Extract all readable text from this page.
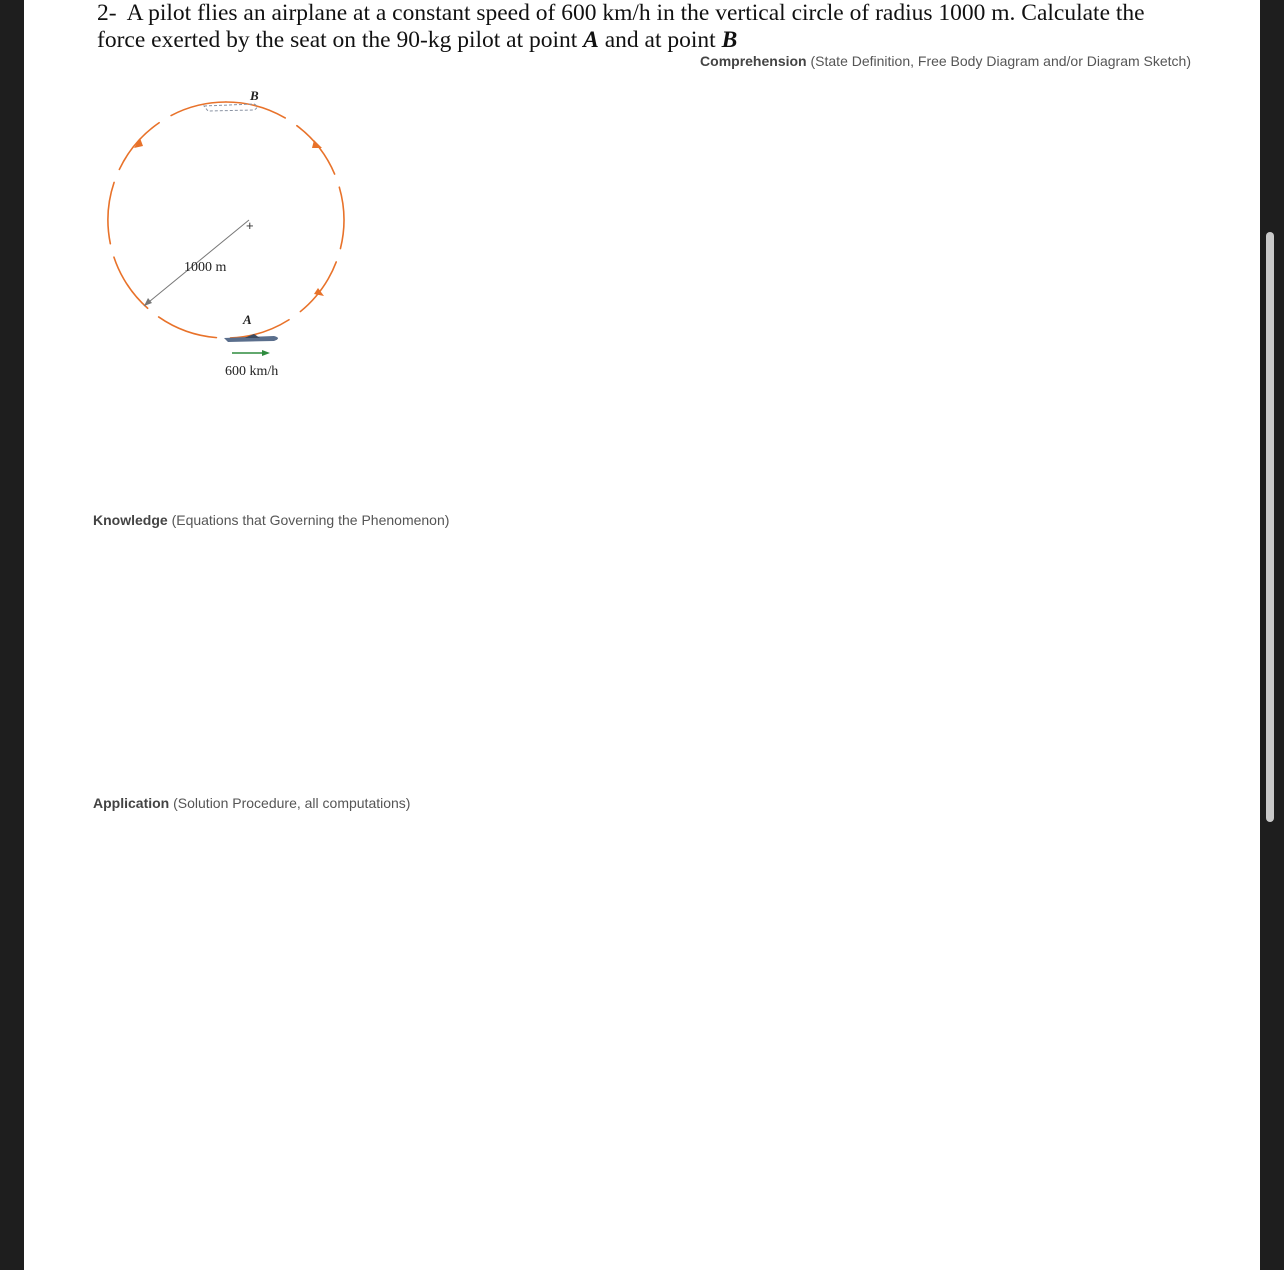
2- A pilot flies an airplane at a constant speed of 600 km/h in the vertical circle of radius 1000 m. Calculate the
force exerted by the seat on the 90-kg pilot at point A and at point B
Comprehension (State Definition, Free Body Diagram and/or Diagram Sketch)
B
+
1000 m
A
600 km/h
Knowledge (Equations that Governing the Phenomenon)
Application (Solution Procedure, all computations)
